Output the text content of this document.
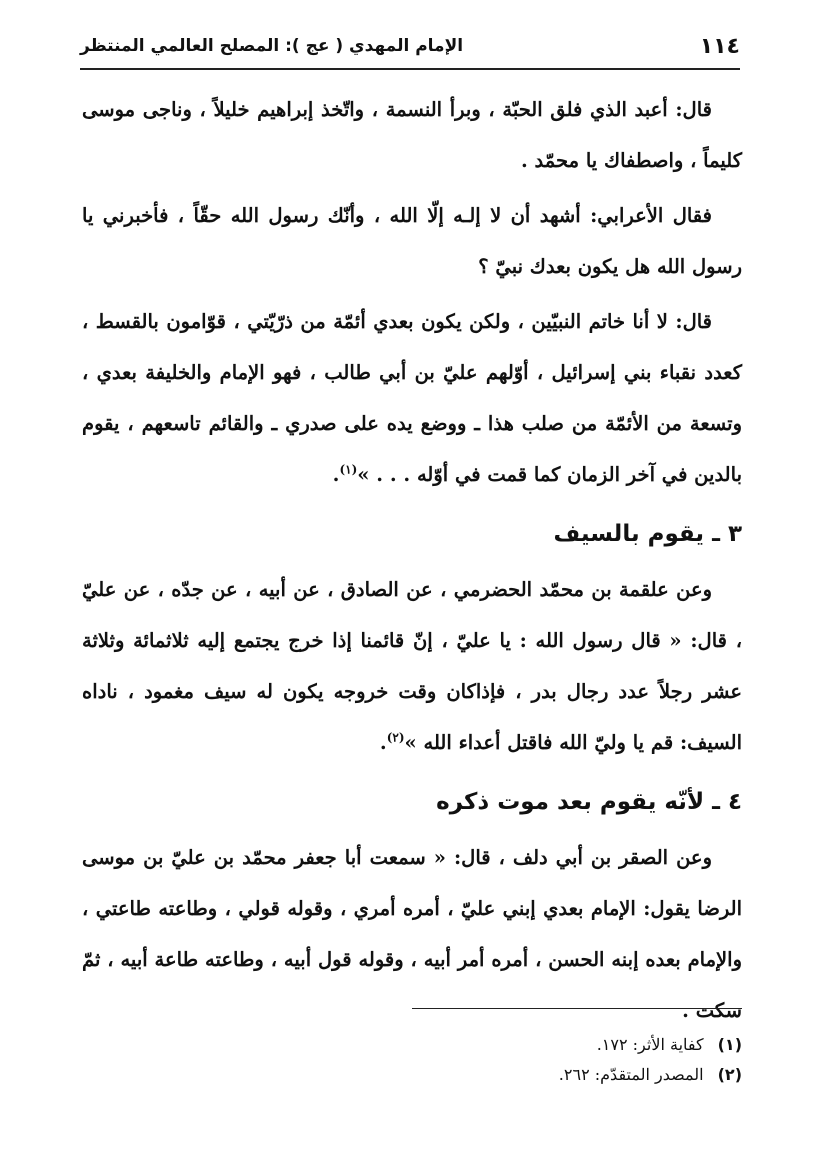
١١٤
الإمام المهدي ( عج ): المصلح العالمي المنتظر

قال: أعبد الذي فلق الحبّة ، وبرأ النسمة ، واتّخذ إبراهيم خليلاً ، وناجى موسى كليماً ، واصطفاك يا محمّد .

فقال الأعرابي: أشهد أن لا إلـه إلّا الله ، وأنّك رسول الله حقّاً ، فأخبرني يا رسول الله هل يكون بعدك نبيّ ؟

قال: لا أنا خاتم النبيّين ، ولكن يكون بعدي أئمّة من ذرّيّتي ، قوّامون بالقسط ، كعدد نقباء بني إسرائيل ، أوّلهم عليّ بن أبي طالب ، فهو الإمام والخليفة بعدي ، وتسعة من الأئمّة من صلب هذا ـ ووضع يده على صدري ـ والقائم تاسعهم ، يقوم بالدين في آخر الزمان كما قمت في أوّله . . . »$^{(١)}$.

٣ ـ يقوم بالسيف

وعن علقمة بن محمّد الحضرمي ، عن الصادق ، عن أبيه ، عن جدّه ، عن عليّ ، قال: « قال رسول الله : يا عليّ ، إنّ قائمنا إذا خرج يجتمع إليه ثلاثمائة وثلاثة عشر رجلاً عدد رجال بدر ، فإذاكان وقت خروجه يكون له سيف مغمود ، ناداه السيف: قم يا وليّ الله فاقتل أعداء الله »$^{(٢)}$.

٤ ـ لأنّه يقوم بعد موت ذكره

وعن الصقر بن أبي دلف ، قال: « سمعت أبا جعفر محمّد بن عليّ بن موسى الرضا يقول: الإمام بعدي إبني عليّ ، أمره أمري ، وقوله قولي ، وطاعته طاعتي ، والإمام بعده إبنه الحسن ، أمره أمر أبيه ، وقوله قول أبيه ، وطاعته طاعة أبيه ، ثمّ سكت .

(١)
كفاية الأثر: ١٧٢.

(٢)
المصدر المتقدّم: ٢٦٢.
